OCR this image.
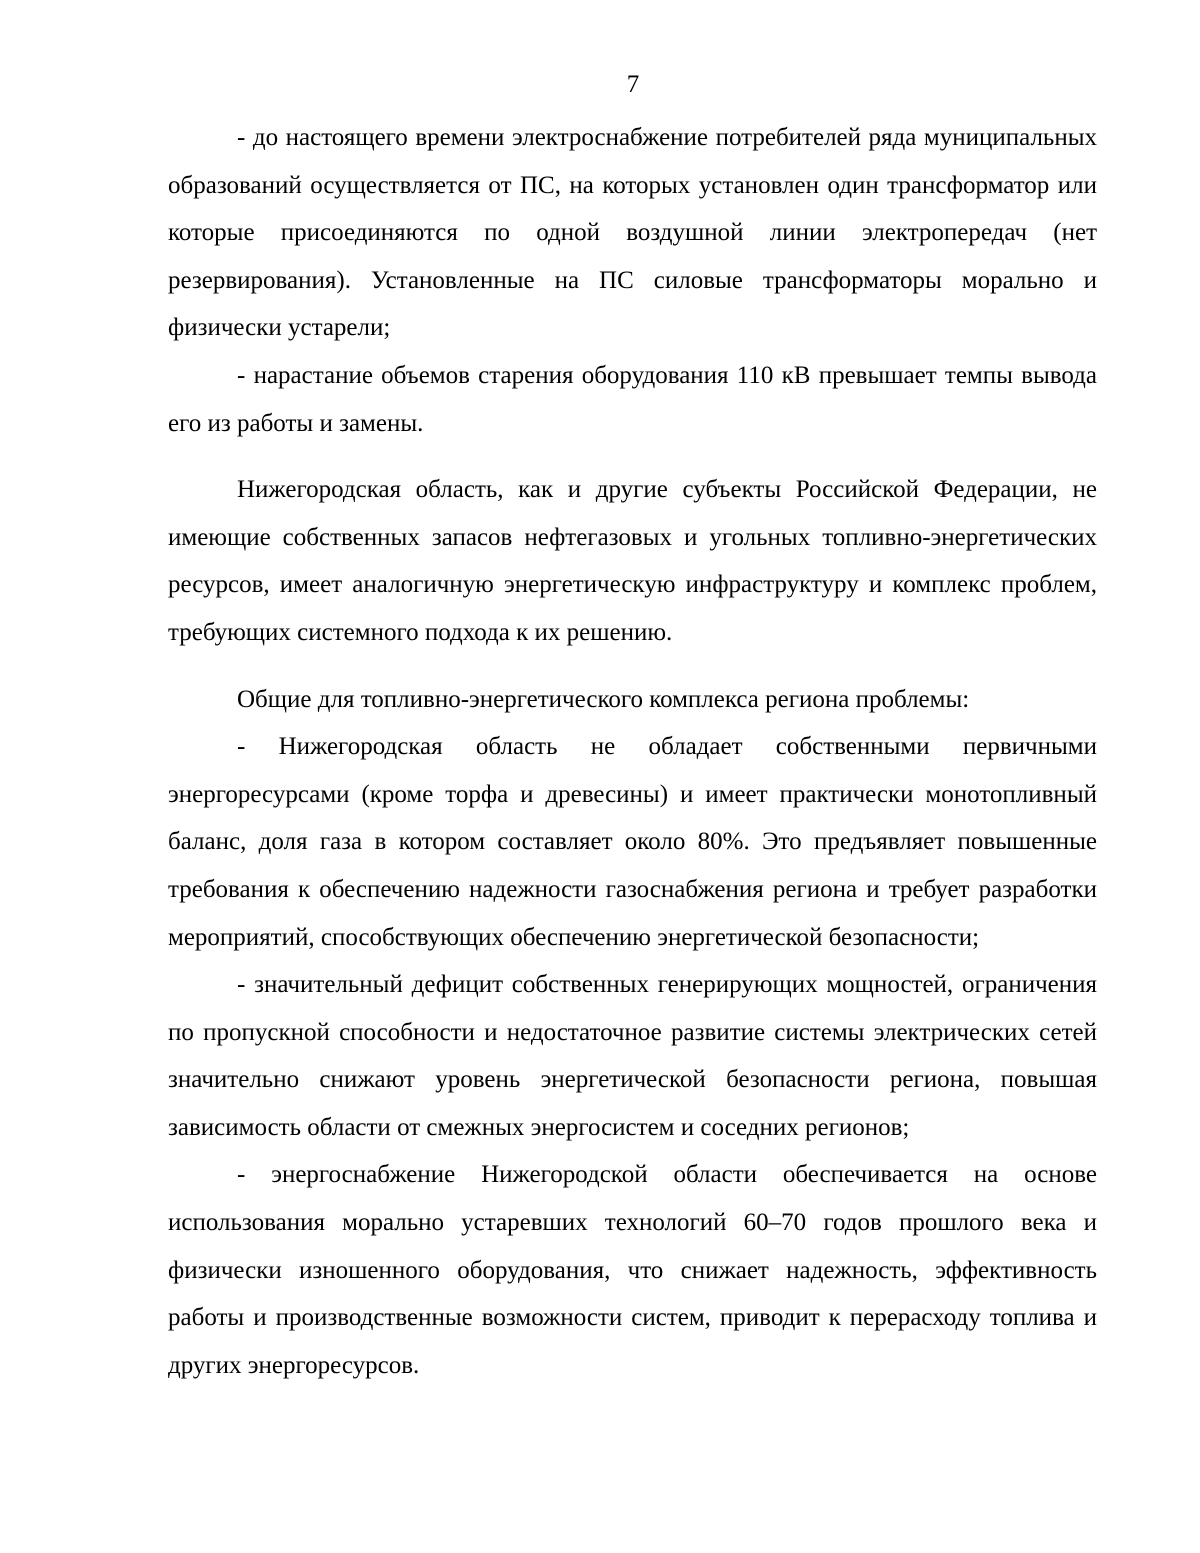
7

- до настоящего времени электроснабжение потребителей ряда муниципальных образований осуществляется от ПС, на которых установлен один трансформатор или которые присоединяются по одной воздушной линии электропередач (нет резервирования). Установленные на ПС силовые трансформаторы морально и физически устарели;

- нарастание объемов старения оборудования 110 кВ превышает темпы вывода его из работы и замены.

Нижегородская область, как и другие субъекты Российской Федерации, не имеющие собственных запасов нефтегазовых и угольных топливно-энергетических ресурсов, имеет аналогичную энергетическую инфраструктуру и комплекс проблем, требующих системного подхода к их решению.

Общие для топливно-энергетического комплекса региона проблемы:

- Нижегородская область не обладает собственными первичными энергоресурсами (кроме торфа и древесины) и имеет практически монотопливный баланс, доля газа в котором составляет около 80%. Это предъявляет повышенные требования к обеспечению надежности газоснабжения региона и требует разработки мероприятий, способствующих обеспечению энергетической безопасности;

- значительный дефицит собственных генерирующих мощностей, ограничения по пропускной способности и недостаточное развитие системы электрических сетей значительно снижают уровень энергетической безопасности региона, повышая зависимость области от смежных энергосистем и соседних регионов;

- энергоснабжение Нижегородской области обеспечивается на основе использования морально устаревших технологий 60–70 годов прошлого века и физически изношенного оборудования, что снижает надежность, эффективность работы и производственные возможности систем, приводит к перерасходу топлива и других энергоресурсов.
